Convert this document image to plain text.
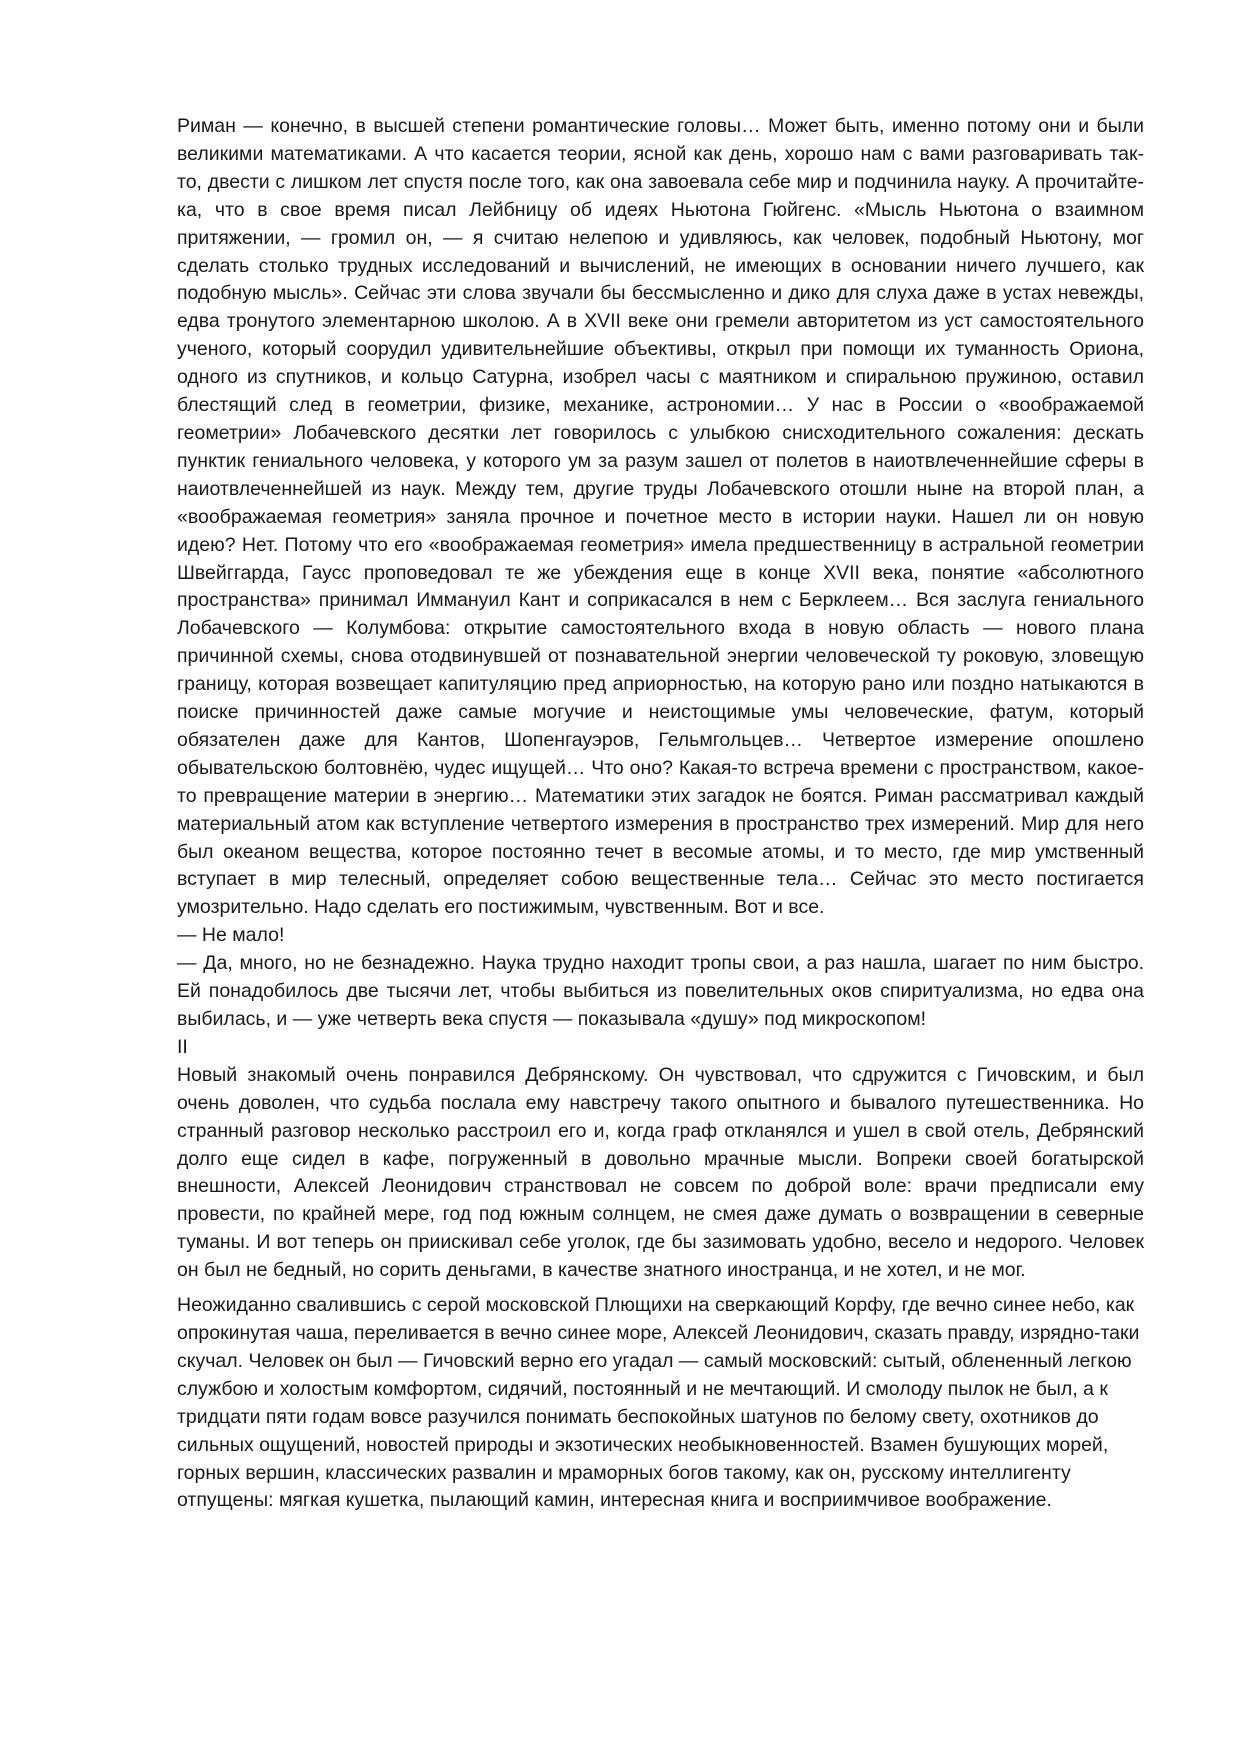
Риман — конечно, в высшей степени романтические головы… Может быть, именно потому они и были великими математиками. А что касается теории, ясной как день, хорошо нам с вами разговаривать так-то, двести с лишком лет спустя после того, как она завоевала себе мир и подчинила науку. А прочитайте-ка, что в свое время писал Лейбницу об идеях Ньютона Гюйгенс. «Мысль Ньютона о взаимном притяжении, — громил он, — я считаю нелепою и удивляюсь, как человек, подобный Ньютону, мог сделать столько трудных исследований и вычислений, не имеющих в основании ничего лучшего, как подобную мысль». Сейчас эти слова звучали бы бессмысленно и дико для слуха даже в устах невежды, едва тронутого элементарною школою. А в XVII веке они гремели авторитетом из уст самостоятельного ученого, который соорудил удивительнейшие объективы, открыл при помощи их туманность Ориона, одного из спутников, и кольцо Сатурна, изобрел часы с маятником и спиральною пружиною, оставил блестящий след в геометрии, физике, механике, астрономии… У нас в России о «воображаемой геометрии» Лобачевского десятки лет говорилось с улыбкою снисходительного сожаления: дескать пунктик гениального человека, у которого ум за разум зашел от полетов в наиотвлеченнейшие сферы в наиотвлеченнейшей из наук. Между тем, другие труды Лобачевского отошли ныне на второй план, а «воображаемая геометрия» заняла прочное и почетное место в истории науки. Нашел ли он новую идею? Нет. Потому что его «воображаемая геометрия» имела предшественницу в астральной геометрии Швейггарда, Гаусс проповедовал те же убеждения еще в конце XVII века, понятие «абсолютного пространства» принимал Иммануил Кант и соприкасался в нем с Берклеем… Вся заслуга гениального Лобачевского — Колумбова: открытие самостоятельного входа в новую область — нового плана причинной схемы, снова отодвинувшей от познавательной энергии человеческой ту роковую, зловещую границу, которая возвещает капитуляцию пред априорностью, на которую рано или поздно натыкаются в поиске причинностей даже самые могучие и неистощимые умы человеческие, фатум, который обязателен даже для Кантов, Шопенгауэров, Гельмгольцев… Четвертое измерение опошлено обывательскою болтовнёю, чудес ищущей… Что оно? Какая-то встреча времени с пространством, какое-то превращение материи в энергию… Математики этих загадок не боятся. Риман рассматривал каждый материальный атом как вступление четвертого измерения в пространство трех измерений. Мир для него был океаном вещества, которое постоянно течет в весомые атомы, и то место, где мир умственный вступает в мир телесный, определяет собою вещественные тела… Сейчас это место постигается умозрительно. Надо сделать его постижимым, чувственным. Вот и все.

— Не мало!

— Да, много, но не безнадежно. Наука трудно находит тропы свои, а раз нашла, шагает по ним быстро. Ей понадобилось две тысячи лет, чтобы выбиться из повелительных оков спиритуализма, но едва она выбилась, и — уже четверть века спустя — показывала «душу» под микроскопом!

II

Новый знакомый очень понравился Дебрянскому. Он чувствовал, что сдружится с Гичовским, и был очень доволен, что судьба послала ему навстречу такого опытного и бывалого путешественника. Но странный разговор несколько расстроил его и, когда граф откланялся и ушел в свой отель, Дебрянский долго еще сидел в кафе, погруженный в довольно мрачные мысли. Вопреки своей богатырской внешности, Алексей Леонидович странствовал не совсем по доброй воле: врачи предписали ему провести, по крайней мере, год под южным солнцем, не смея даже думать о возвращении в северные туманы. И вот теперь он приискивал себе уголок, где бы зазимовать удобно, весело и недорого. Человек он был не бедный, но сорить деньгами, в качестве знатного иностранца, и не хотел, и не мог.

Неожиданно свалившись с серой московской Плющихи на сверкающий Корфу, где вечно синее небо, как опрокинутая чаша, переливается в вечно синее море, Алексей Леонидович, сказать правду, изрядно-таки скучал. Человек он был — Гичовский верно его угадал — самый московский: сытый, облененный легкою службою и холостым комфортом, сидячий, постоянный и не мечтающий. И смолоду пылок не был, а к тридцати пяти годам вовсе разучился понимать беспокойных шатунов по белому свету, охотников до сильных ощущений, новостей природы и экзотических необыкновенностей. Взамен бушующих морей, горных вершин, классических развалин и мраморных богов такому, как он, русскому интеллигенту отпущены: мягкая кушетка, пылающий камин, интересная книга и восприимчивое воображение.
